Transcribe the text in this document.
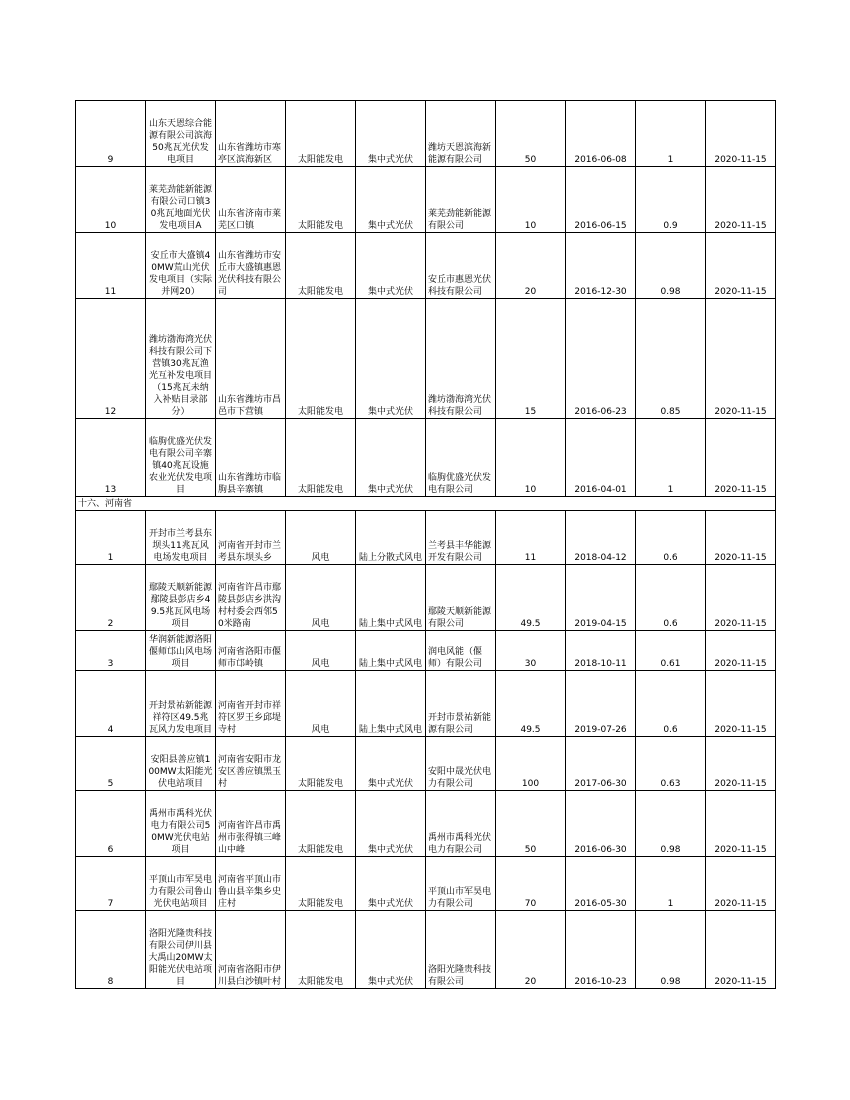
9	山东天恩综合能源有限公司滨海50兆瓦光伏发电项目	山东省潍坊市寒亭区滨海新区	太阳能发电	集中式光伏	潍坊天恩滨海新能源有限公司	50	2016-06-08	1	2020-11-15
10	莱芜劲能新能源有限公司口镇30兆瓦地面光伏发电项目A	山东省济南市莱芜区口镇	太阳能发电	集中式光伏	莱芜劲能新能源有限公司	10	2016-06-15	0.9	2020-11-15
11	安丘市大盛镇40MW荒山光伏发电项目（实际并网20）	山东省潍坊市安丘市大盛镇惠恩光伏科技有限公司	太阳能发电	集中式光伏	安丘市惠恩光伏科技有限公司	20	2016-12-30	0.98	2020-11-15
12	潍坊渤海湾光伏科技有限公司下营镇30兆瓦渔光互补发电项目（15兆瓦未纳入补贴目录部分）	山东省潍坊市昌邑市下营镇	太阳能发电	集中式光伏	潍坊渤海湾光伏科技有限公司	15	2016-06-23	0.85	2020-11-15
13	临朐优盛光伏发电有限公司辛寨镇40兆瓦设施农业光伏发电项目	山东省潍坊市临朐县辛寨镇	太阳能发电	集中式光伏	临朐优盛光伏发电有限公司	10	2016-04-01	1	2020-11-15
十六、河南省									
1	开封市兰考县东坝头11兆瓦风电场发电项目	河南省开封市兰考县东坝头乡	风电	陆上分散式风电	兰考县丰华能源开发有限公司	11	2018-04-12	0.6	2020-11-15
2	鄢陵天顺新能源鄢陵县彭店乡49.5兆瓦风电场项目	河南省许昌市鄢陵县彭店乡洪沟村村委会西邻50米路南	风电	陆上集中式风电	鄢陵天顺新能源有限公司	49.5	2019-04-15	0.6	2020-11-15
3	华润新能源洛阳偃师邙山风电场项目	河南省洛阳市偃师市邙岭镇	风电	陆上集中式风电	润电风能（偃师）有限公司	30	2018-10-11	0.61	2020-11-15
4	开封景祐新能源祥符区49.5兆瓦风力发电项目	河南省开封市祥符区罗王乡邱堤寺村	风电	陆上集中式风电	开封市景祐新能源有限公司	49.5	2019-07-26	0.6	2020-11-15
5	安阳县善应镇100MW太阳能光伏电站项目	河南省安阳市龙安区善应镇黑玉村	太阳能发电	集中式光伏	安阳中晟光伏电力有限公司	100	2017-06-30	0.63	2020-11-15
6	禹州市禹科光伏电力有限公司50MW光伏电站项目	河南省许昌市禹州市张得镇三峰山中峰	太阳能发电	集中式光伏	禹州市禹科光伏电力有限公司	50	2016-06-30	0.98	2020-11-15
7	平顶山市军昊电力有限公司鲁山光伏电站项目	河南省平顶山市鲁山县辛集乡史庄村	太阳能发电	集中式光伏	平顶山市军昊电力有限公司	70	2016-05-30	1	2020-11-15
8	洛阳光隆贵科技有限公司伊川县大禹山20MW太阳能光伏电站项目	河南省洛阳市伊川县白沙镇叶村	太阳能发电	集中式光伏	洛阳光隆贵科技有限公司	20	2016-10-23	0.98	2020-11-15
